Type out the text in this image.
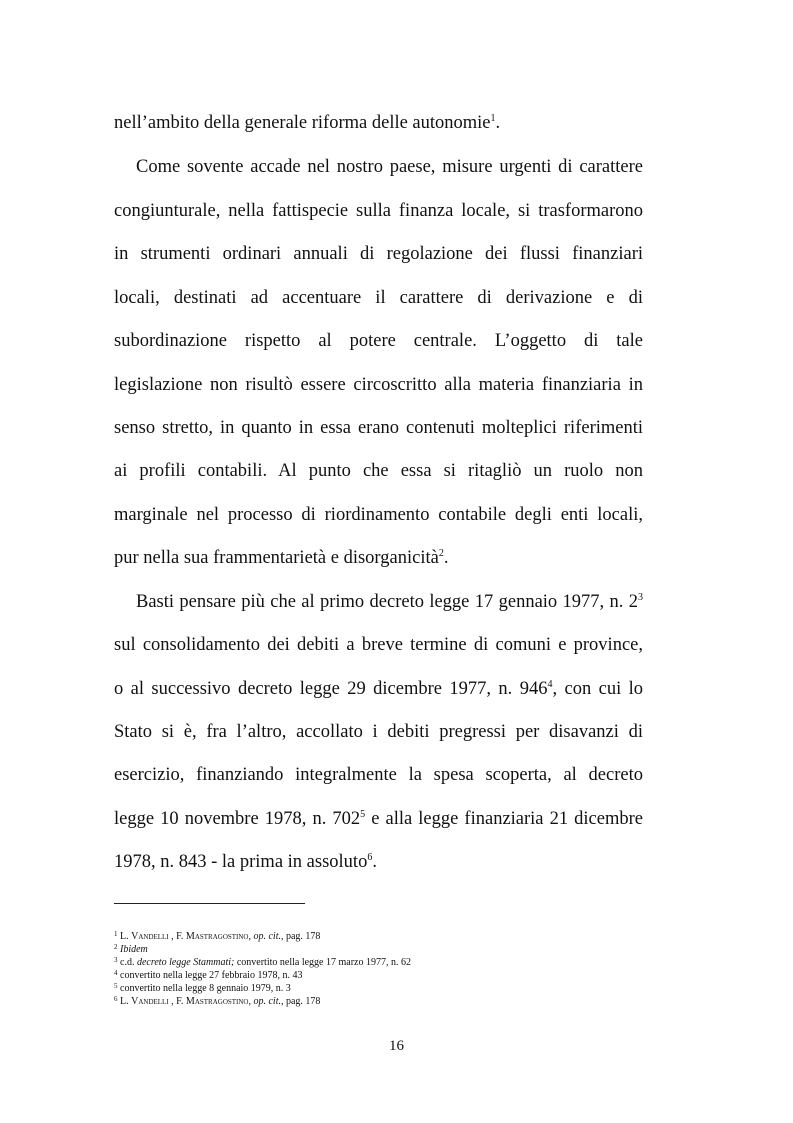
nell’ambito della generale riforma delle autonomie$^1$.
Come sovente accade nel nostro paese, misure urgenti di carattere
congiunturale, nella fattispecie sulla finanza locale, si trasformarono
in strumenti ordinari annuali di regolazione dei flussi finanziari
locali, destinati ad accentuare il carattere di derivazione e di
subordinazione rispetto al potere centrale. L’oggetto di tale
legislazione non risultò essere circoscritto alla materia finanziaria in
senso stretto, in quanto in essa erano contenuti molteplici riferimenti
ai profili contabili. Al punto che essa si ritagliò un ruolo non
marginale nel processo di riordinamento contabile degli enti locali,
pur nella sua frammentarietà e disorganicità$^2$.
Basti pensare più che al primo decreto legge 17 gennaio 1977, n. $2^3$
sul consolidamento dei debiti a breve termine di comuni e province,
o al successivo decreto legge 29 dicembre 1977, n. $946^4$, con cui lo
Stato si è, fra l’altro, accollato i debiti pregressi per disavanzi di
esercizio, finanziando integralmente la spesa scoperta, al decreto
legge 10 novembre 1978, n. $702^5$ e alla legge finanziaria 21 dicembre
1978, n. 843 - la prima in assoluto$^6$.
$^1$ L. Vandelli , F. Mastragostino, op. cit., pag. 178
$^2$ Ibidem
$^3$ c.d. decreto legge Stammati; convertito nella legge 17 marzo 1977, n. 62
$^4$ convertito nella legge 27 febbraio 1978, n. 43
$^5$ convertito nella legge 8 gennaio 1979, n. 3
$^6$ L. Vandelli , F. Mastragostino, op. cit., pag. 178
16
